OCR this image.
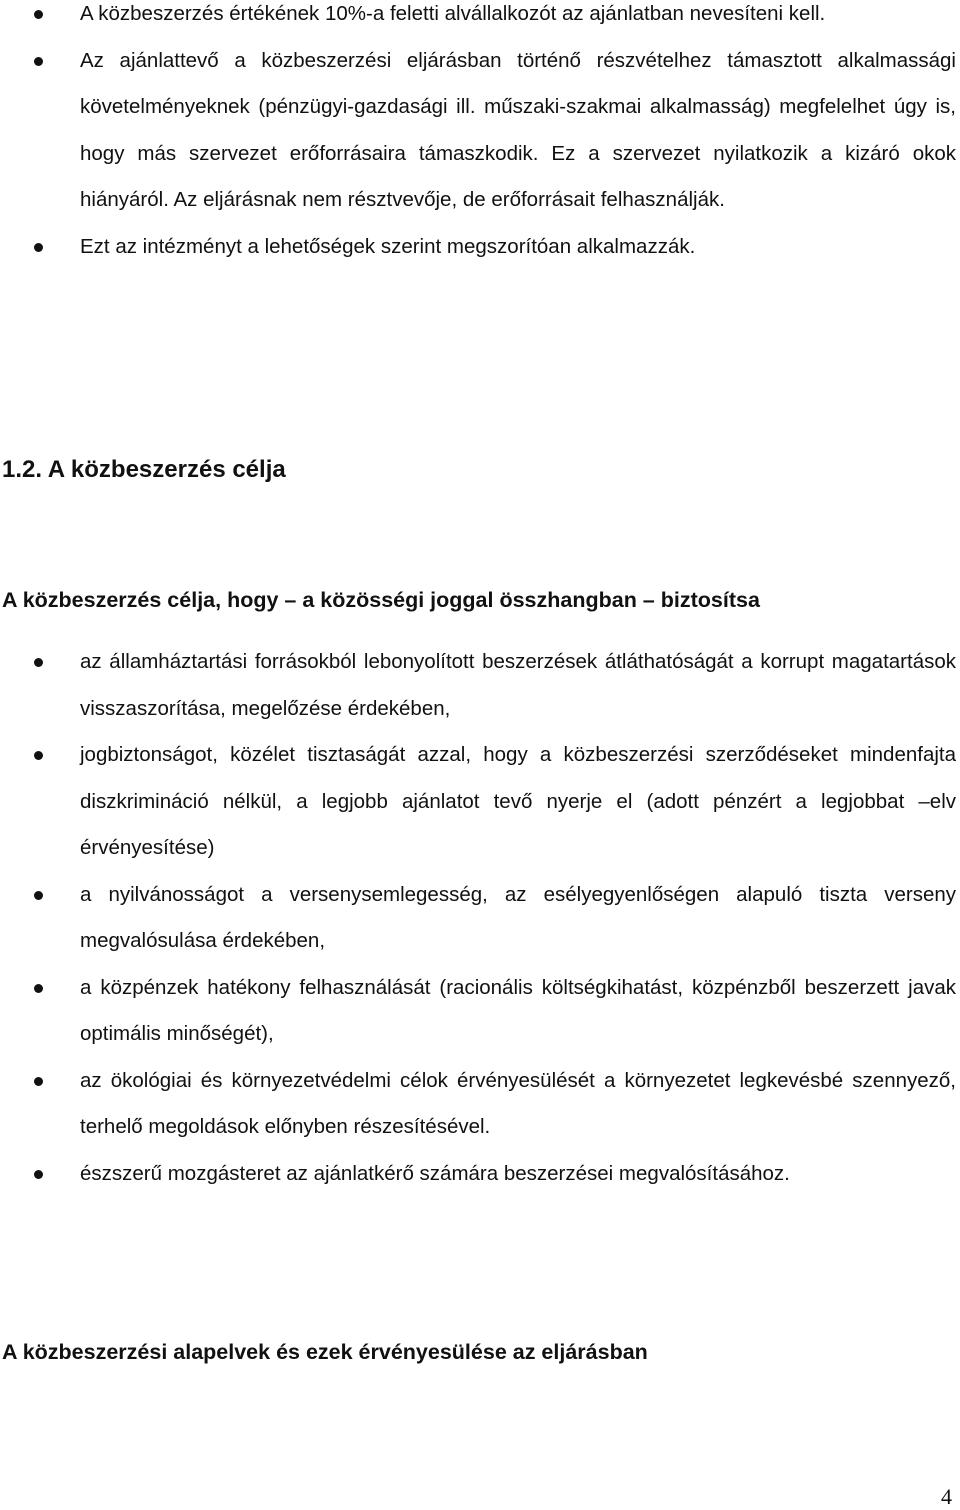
A közbeszerzés értékének 10%-a feletti alvállalkozót az ajánlatban nevesíteni kell.
Az ajánlattevő a közbeszerzési eljárásban történő részvételhez támasztott alkalmassági követelményeknek (pénzügyi-gazdasági ill. műszaki-szakmai alkalmasság) megfelelhet úgy is, hogy más szervezet erőforrásaira támaszkodik. Ez a szervezet nyilatkozik a kizáró okok hiányáról. Az eljárásnak nem résztvevője, de erőforrásait felhasználják.
Ezt az intézményt a lehetőségek szerint megszorítóan alkalmazzák.
1.2. A közbeszerzés célja
A közbeszerzés célja, hogy – a közösségi joggal összhangban – biztosítsa
az államháztartási forrásokból lebonyolított beszerzések átláthatóságát a korrupt magatartások visszaszorítása, megelőzése érdekében,
jogbiztonságot, közélet tisztaságát azzal, hogy a közbeszerzési szerződéseket mindenfajta diszkrimináció nélkül, a legjobb ajánlatot tevő nyerje el (adott pénzért a legjobbat –elv érvényesítése)
a nyilvánosságot a versenysemlegesség, az esélyegyenlőségen alapuló tiszta verseny megvalósulása érdekében,
a közpénzek hatékony felhasználását (racionális költségkihatást, közpénzből beszerzett javak optimális minőségét),
az ökológiai és környezetvédelmi célok érvényesülését a környezetet legkevésbé szennyező, terhelő megoldások előnyben részesítésével.
észszerű mozgásteret az ajánlatkérő számára beszerzései megvalósításához.
A közbeszerzési alapelvek és ezek érvényesülése az eljárásban
4
